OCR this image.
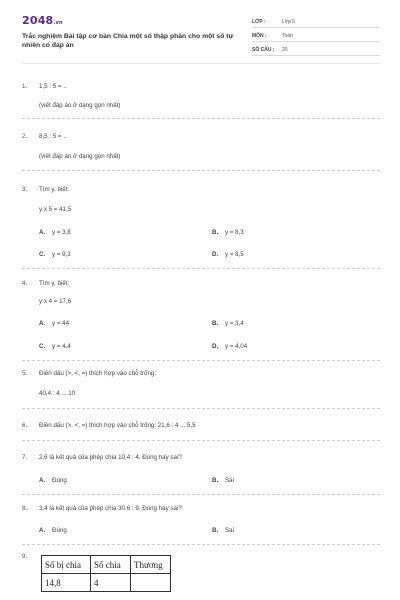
2048.vn
Trắc nghiệm Bài tập cơ bản Chia một số thập phân cho một số tự nhiên có đáp án
LỚP :	Lớp 5
MÔN :	Toán
SỐ CÂU :	20
1. 1,5 : 5 = ..
(viết đáp án ở dạng gọn nhất)
2. 8,5 : 5 = ..
(viết đáp án ở dạng gọn nhất)
3. Tìm y, biết:
y x 5 = 41,5
A. y = 3,8	B. y = 8,3
C. y = 9,3	D. y = 8,5
4. Tìm y, biết:
y x 4 = 17,6
A. y = 44	B. y = 3,4
C. y = 4,4	D. y = 4,04
5. Điền dấu (>, <, =) thích hợp vào chỗ trống:
40,4 : 4 ... 10
6. Điền dấu (>, <, =) thích hợp vào chỗ trống: 21,6 : 4 ... 5,5
7. 2,6 là kết quả của phép chia 10,4 : 4. Đúng hay sai?
A. Đúng	B. Sai
8. 3,4 là kết quả của phép chia 30,6 : 9. Đúng hay sai?
A. Đúng	B. Sai
9.
Số bị chia	Số chia	Thương
14,8	4	
